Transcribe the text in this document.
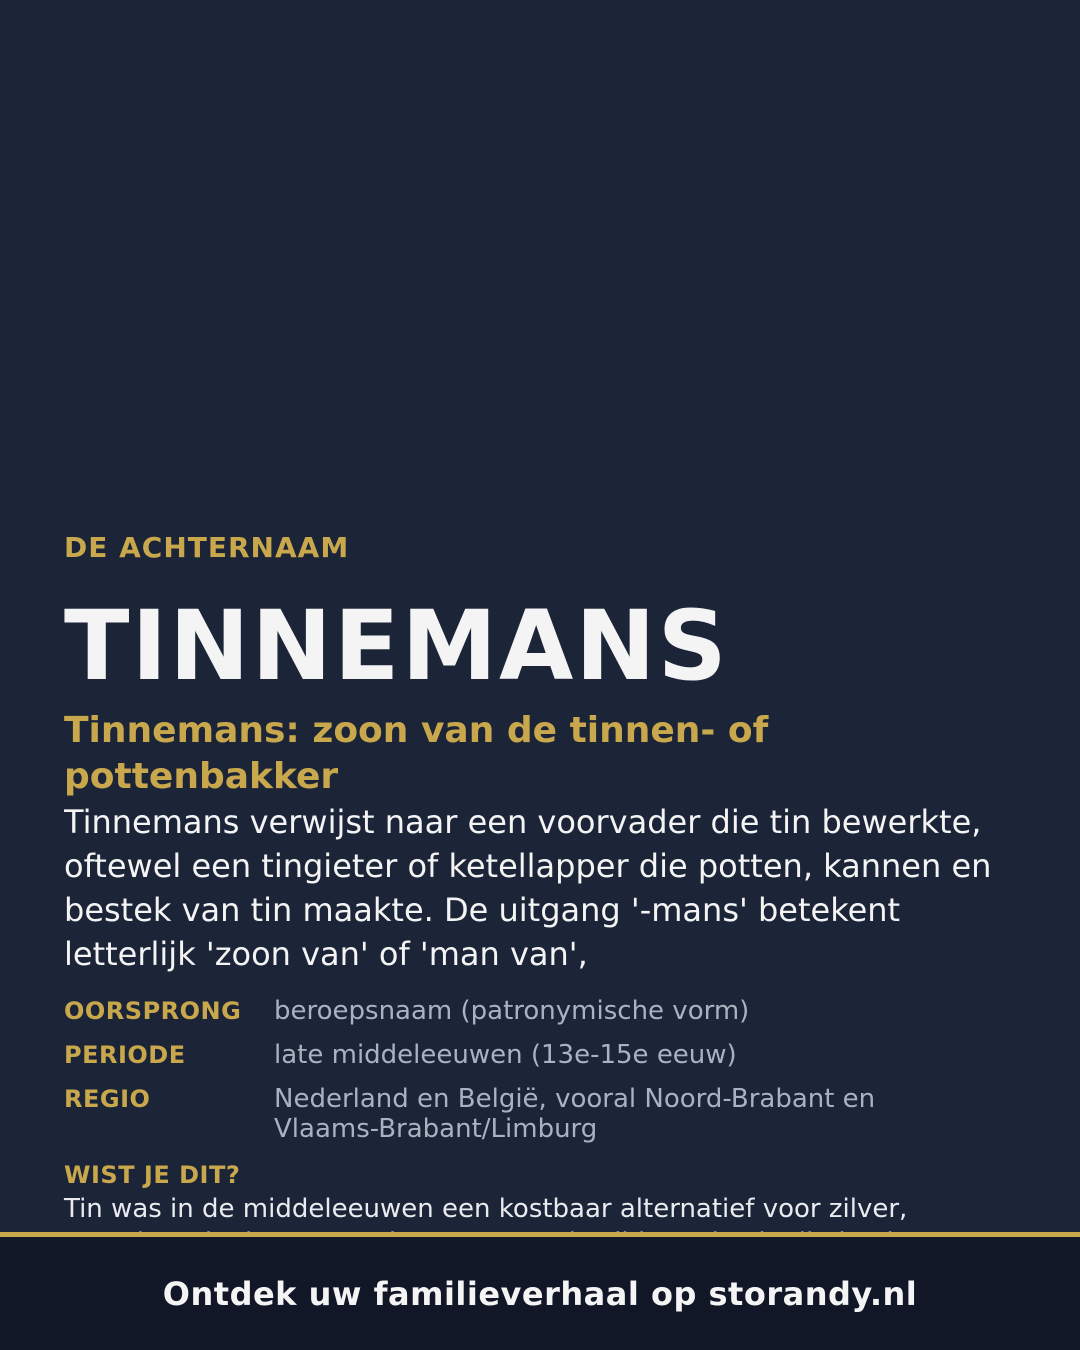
DE ACHTERNAAM
TINNEMANS
Tinnemans: zoon van de tinnen- of pottenbakker
Tinnemans verwijst naar een voorvader die tin bewerkte, oftewel een tingieter of ketellapper die potten, kannen en bestek van tin maakte. De uitgang '-mans' betekent letterlijk 'zoon van' of 'man van',
OORSPRONG	beroepsnaam (patronymische vorm)
PERIODE	late middeleeuwen (13e-15e eeuw)
REGIO	Nederland en België, vooral Noord-Brabant en Vlaams-Brabant/Limburg
WIST JE DIT?
Tin was in de middeleeuwen een kostbaar alternatief voor zilver,
Ontdek uw familieverhaal op storandy.nl
